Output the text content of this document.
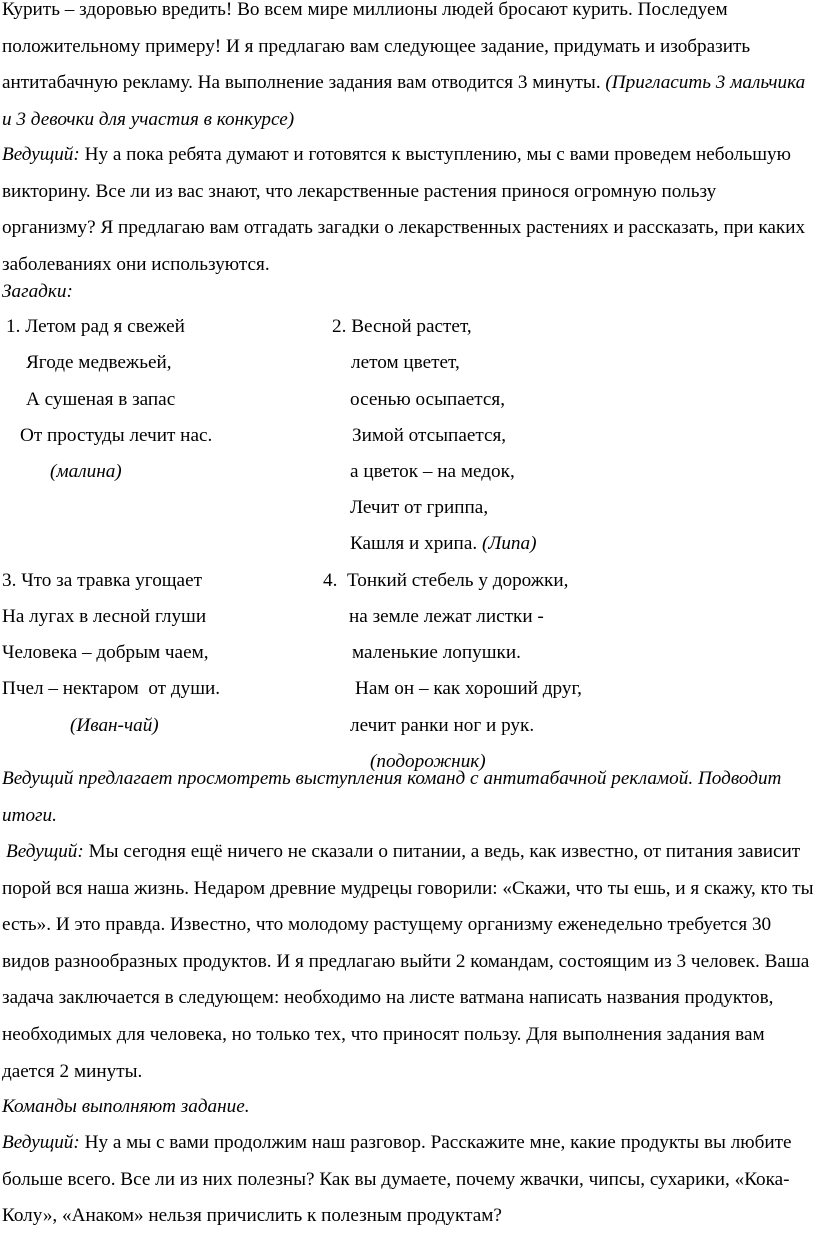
Курить – здоровью вредить! Во всем мире миллионы людей бросают курить. Последуем положительному примеру! И я предлагаю вам следующее задание, придумать и изобразить антитабачную рекламу. На выполнение задания вам отводится 3 минуты. (Пригласить 3 мальчика и 3 девочки для участия в конкурсе)

Ведущий: Ну а пока ребята думают и готовятся к выступлению, мы с вами проведем небольшую викторину. Все ли из вас знают, что лекарственные растения принося огромную пользу организму? Я предлагаю вам отгадать загадки о лекарственных растениях и рассказать, при каких заболеваниях они используются.

Загадки:

1. Летом рад я свежей
Ягоде медвежьей,
А сушеная в запас
От простуды лечит нас.
(малина)
2. Весной растет,
летом цветет,
осенью осыпается,
Зимой отсыпается,
а цветок – на медок,
Лечит от гриппа,
Кашля и хрипа. (Липа)
3. Что за травка угощает
На лугах в лесной глуши
Человека – добрым чаем,
Пчел – нектаром  от души.
(Иван-чай)
4.  Тонкий стебель у дорожки,
на земле лежат листки -
маленькие лопушки.
Нам он – как хороший друг,
лечит ранки ног и рук.
(подорожник)

Ведущий предлагает просмотреть выступления команд с антитабачной рекламой. Подводит итоги.

Ведущий: Мы сегодня ещё ничего не сказали о питании, а ведь, как известно, от питания зависит порой вся наша жизнь. Недаром древние мудрецы говорили: «Скажи, что ты ешь, и я скажу, кто ты есть». И это правда. Известно, что молодому растущему организму еженедельно требуется 30 видов разнообразных продуктов. И я предлагаю выйти 2 командам, состоящим из 3 человек. Ваша задача заключается в следующем: необходимо на листе ватмана написать названия продуктов, необходимых для человека, но только тех, что приносят пользу. Для выполнения задания вам дается 2 минуты.

Команды выполняют задание.

Ведущий: Ну а мы с вами продолжим наш разговор. Расскажите мне, какие продукты вы любите больше всего. Все ли из них полезны? Как вы думаете, почему жвачки, чипсы, сухарики, «Кока-Колу», «Анаком» нельзя причислить к полезным продуктам?
